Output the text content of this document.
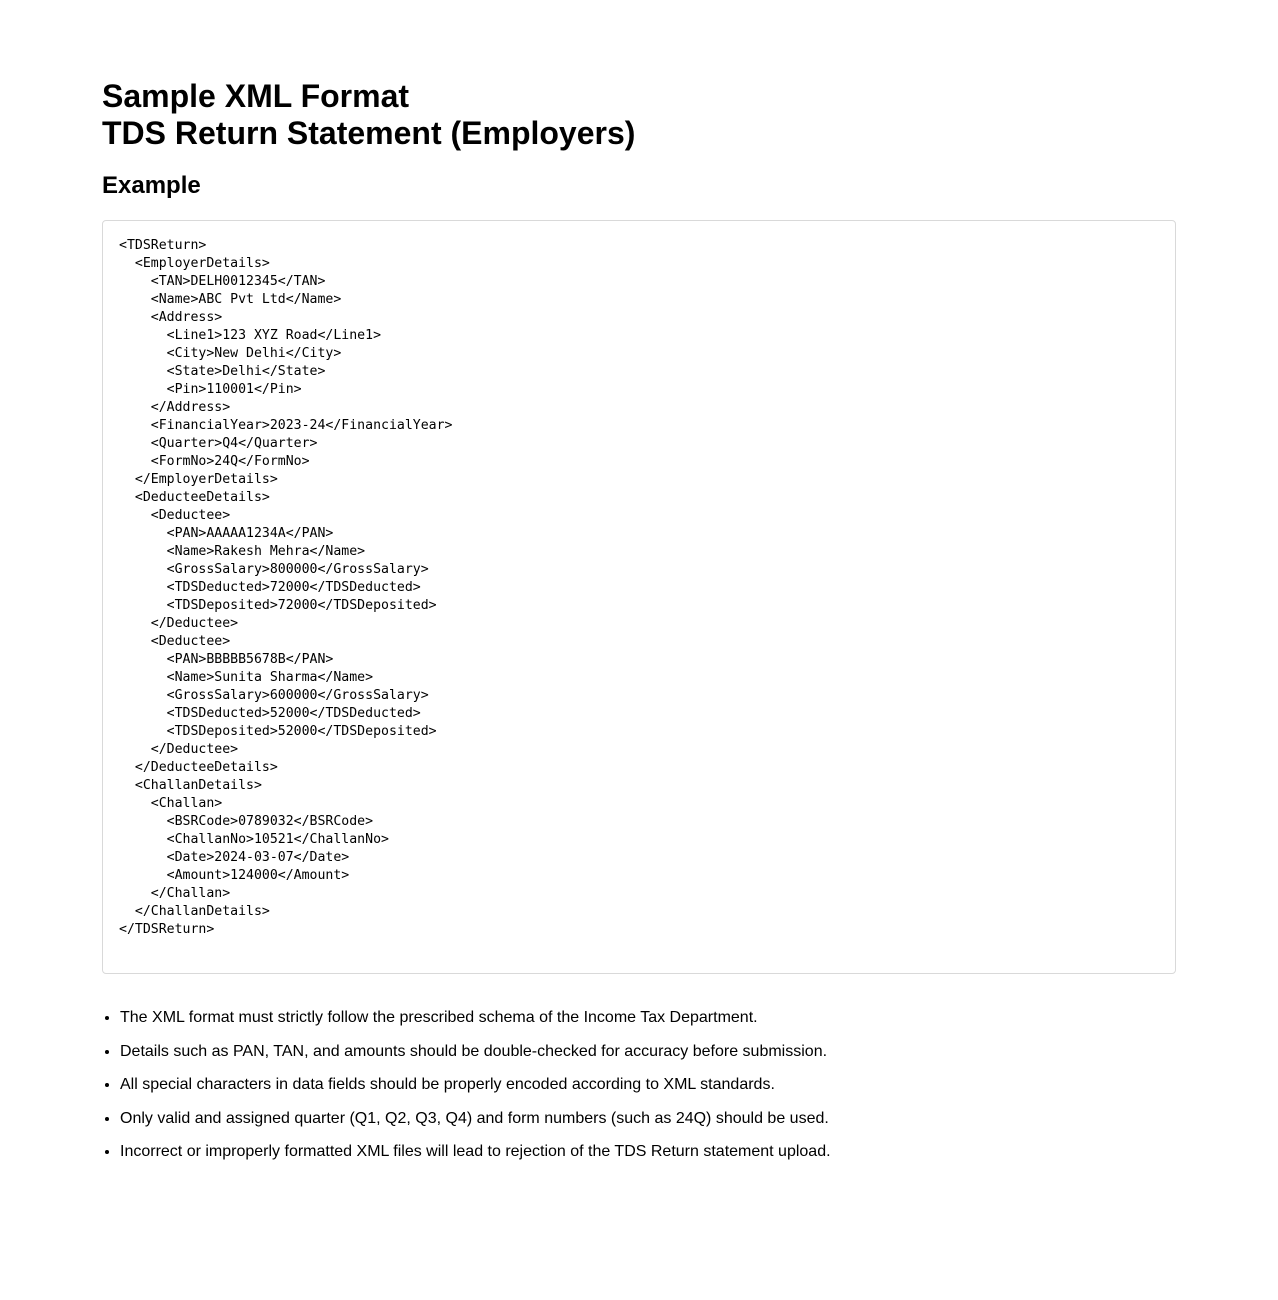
Sample XML Format
TDS Return Statement (Employers)
Example
<TDSReturn>
<EmployerDetails>
<TAN>DELH0012345</TAN>
<Name>ABC Pvt Ltd</Name>
<Address>
<Line1>123 XYZ Road</Line1>
<City>New Delhi</City>
<State>Delhi</State>
<Pin>110001</Pin>
</Address>
<FinancialYear>2023-24</FinancialYear>
<Quarter>Q4</Quarter>
<FormNo>24Q</FormNo>
</EmployerDetails>
<DeducteeDetails>
<Deductee>
<PAN>AAAAA1234A</PAN>
<Name>Rakesh Mehra</Name>
<GrossSalary>800000</GrossSalary>
<TDSDeducted>72000</TDSDeducted>
<TDSDeposited>72000</TDSDeposited>
</Deductee>
<Deductee>
<PAN>BBBBB5678B</PAN>
<Name>Sunita Sharma</Name>
<GrossSalary>600000</GrossSalary>
<TDSDeducted>52000</TDSDeducted>
<TDSDeposited>52000</TDSDeposited>
</Deductee>
</DeducteeDetails>
<ChallanDetails>
<Challan>
<BSRCode>0789032</BSRCode>
<ChallanNo>10521</ChallanNo>
<Date>2024-03-07</Date>
<Amount>124000</Amount>
</Challan>
</ChallanDetails>
</TDSReturn>
• The XML format must strictly follow the prescribed schema of the Income Tax Department.
• Details such as PAN, TAN, and amounts should be double-checked for accuracy before submission.
• All special characters in data fields should be properly encoded according to XML standards.
• Only valid and assigned quarter (Q1, Q2, Q3, Q4) and form numbers (such as 24Q) should be used.
• Incorrect or improperly formatted XML files will lead to rejection of the TDS Return statement upload.
